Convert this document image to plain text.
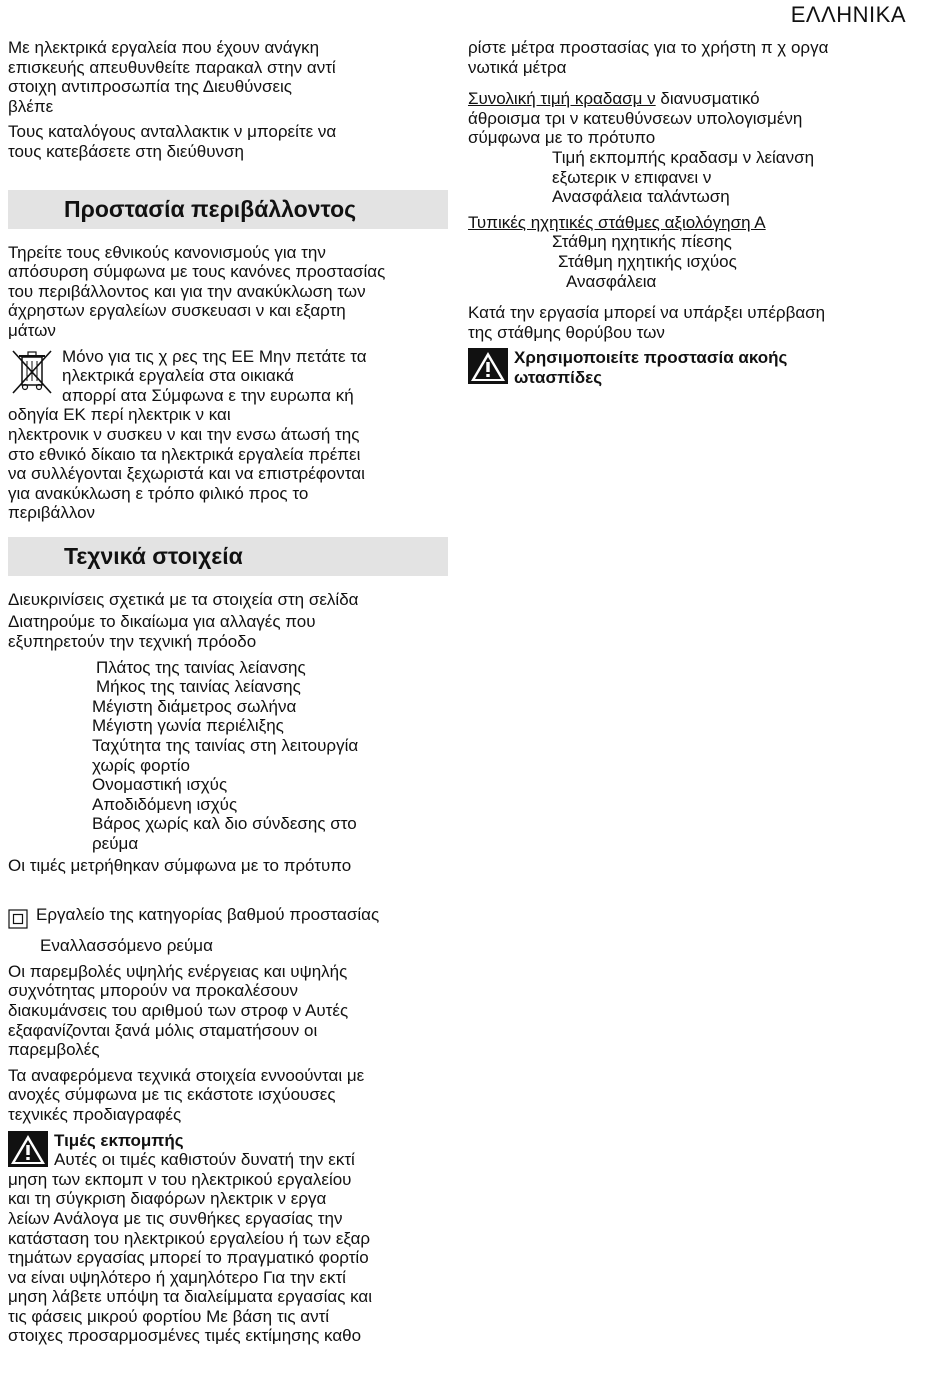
ΕΛΛΗΝΙΚΑ

Με ηλεκτρικά εργαλεία που έχουν ανάγκη
επισκευής απευθυνθείτε παρακαλ στην αντί
στοιχη αντιπροσωπία της Διευθύνσεις
βλέπε

Τους καταλόγους ανταλλακτικ ν μπορείτε να
τους κατεβάσετε στη διεύθυνση

Προστασία περιβάλλοντος

Τηρείτε τους εθνικούς κανονισμούς για την
απόσυρση σύμφωνα με τους κανόνες προστασίας
του περιβάλλοντος και για την ανακύκλωση των
άχρηστων εργαλείων συσκευασι ν και εξαρτη
μάτων

Μόνο για τις χ ρες της ΕΕ Μην πετάτε τα
ηλεκτρικά εργαλεία στα οικιακά
απορρί ατα Σύμφωνα ε την ευρωπα κή

οδηγία ΕΚ περί ηλεκτρικ ν και
ηλεκτρονικ ν συσκευ ν και την ενσω άτωσή της
στο εθνικό δίκαιο τα ηλεκτρικά εργαλεία πρέπει
να συλλέγονται ξεχωριστά και να επιστρέφονται
για ανακύκλωση ε τρόπο φιλικό προς το
περιβάλλον

Τεχνικά στοιχεία

Διευκρινίσεις σχετικά με τα στοιχεία στη σελίδα

Διατηρούμε το δικαίωμα για αλλαγές που
εξυπηρετούν την τεχνική πρόοδο

Πλάτος της ταινίας λείανσης
Μήκος της ταινίας λείανσης
Μέγιστη διάμετρος σωλήνα
Μέγιστη γωνία περιέλιξης
Ταχύτητα της ταινίας στη λειτουργία
χωρίς φορτίο
Ονομαστική ισχύς
Αποδιδόμενη ισχύς
Βάρος χωρίς καλ διο σύνδεσης στο
ρεύμα

Οι τιμές μετρήθηκαν σύμφωνα με το πρότυπο

Εργαλείο της κατηγορίας βαθμού προστασίας

Εναλλασσόμενο ρεύμα

Οι παρεμβολές υψηλής ενέργειας και υψηλής
συχνότητας μπορούν να προκαλέσουν
διακυμάνσεις του αριθμού των στροφ ν Αυτές
εξαφανίζονται ξανά μόλις σταματήσουν οι
παρεμβολές

Τα αναφερόμενα τεχνικά στοιχεία εννοούνται με
ανοχές σύμφωνα με τις εκάστοτε ισχύουσες
τεχνικές προδιαγραφές

Τιμές εκπομπής
Αυτές οι τιμές καθιστούν δυνατή την εκτί

μηση των εκπομπ ν του ηλεκτρικού εργαλείου
και τη σύγκριση διαφόρων ηλεκτρικ ν εργα
λείων Ανάλογα με τις συνθήκες εργασίας την
κατάσταση του ηλεκτρικού εργαλείου ή των εξαρ
τημάτων εργασίας μπορεί το πραγματικό φορτίο
να είναι υψηλότερο ή χαμηλότερο Για την εκτί
μηση λάβετε υπόψη τα διαλείμματα εργασίας και
τις φάσεις μικρού φορτίου Με βάση τις αντί
στοιχες προσαρμοσμένες τιμές εκτίμησης καθο

ρίστε μέτρα προστασίας για το χρήστη π χ οργα
νωτικά μέτρα

Συνολική τιμή κραδασμ ν διανυσματικό
άθροισμα τρι ν κατευθύνσεων υπολογισμένη
σύμφωνα με το πρότυπο

Τιμή εκπομπής κραδασμ ν λείανση
εξωτερικ ν επιφανει ν
Ανασφάλεια ταλάντωση
Τυπικές ηχητικές στάθμες αξιολόγηση Α
Στάθμη ηχητικής πίεσης
Στάθμη ηχητικής ισχύος
Ανασφάλεια

Κατά την εργασία μπορεί να υπάρξει υπέρβαση
της στάθμης θορύβου των

Χρησιμοποιείτε προστασία ακοής
ωτασπίδες
